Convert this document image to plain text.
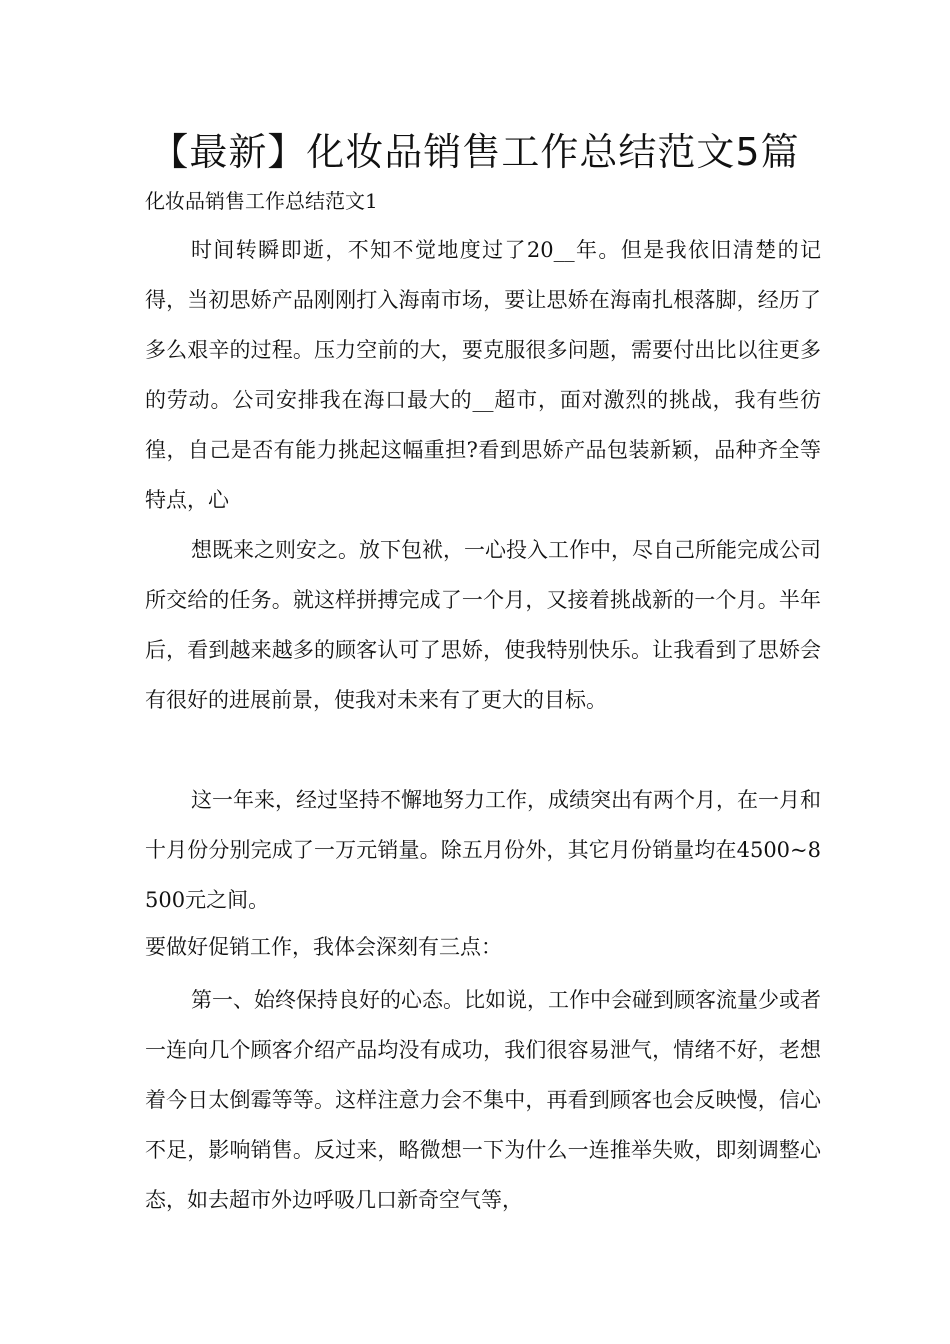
【最新】化妆品销售工作总结范文5篇

化妆品销售工作总结范文1

时间转瞬即逝，不知不觉地度过了20__年。但是我依旧清楚的记得，当初思娇产品刚刚打入海南市场，要让思娇在海南扎根落脚，经历了多么艰辛的过程。压力空前的大，要克服很多问题，需要付出比以往更多的劳动。公司安排我在海口最大的__超市，面对激烈的挑战，我有些彷徨，自己是否有能力挑起这幅重担?看到思娇产品包装新颖，品种齐全等特点，心

想既来之则安之。放下包袱，一心投入工作中，尽自己所能完成公司所交给的任务。就这样拼搏完成了一个月，又接着挑战新的一个月。半年后，看到越来越多的顾客认可了思娇，使我特别快乐。让我看到了思娇会有很好的进展前景，使我对未来有了更大的目标。

这一年来，经过坚持不懈地努力工作，成绩突出有两个月，在一月和十月份分别完成了一万元销量。除五月份外，其它月份销量均在4500~8500元之间。

要做好促销工作，我体会深刻有三点：

第一、始终保持良好的心态。比如说，工作中会碰到顾客流量少或者一连向几个顾客介绍产品均没有成功，我们很容易泄气，情绪不好，老想着今日太倒霉等等。这样注意力会不集中，再看到顾客也会反映慢，信心不足，影响销售。反过来，略微想一下为什么一连推举失败，即刻调整心态，如去超市外边呼吸几口新奇空气等，
